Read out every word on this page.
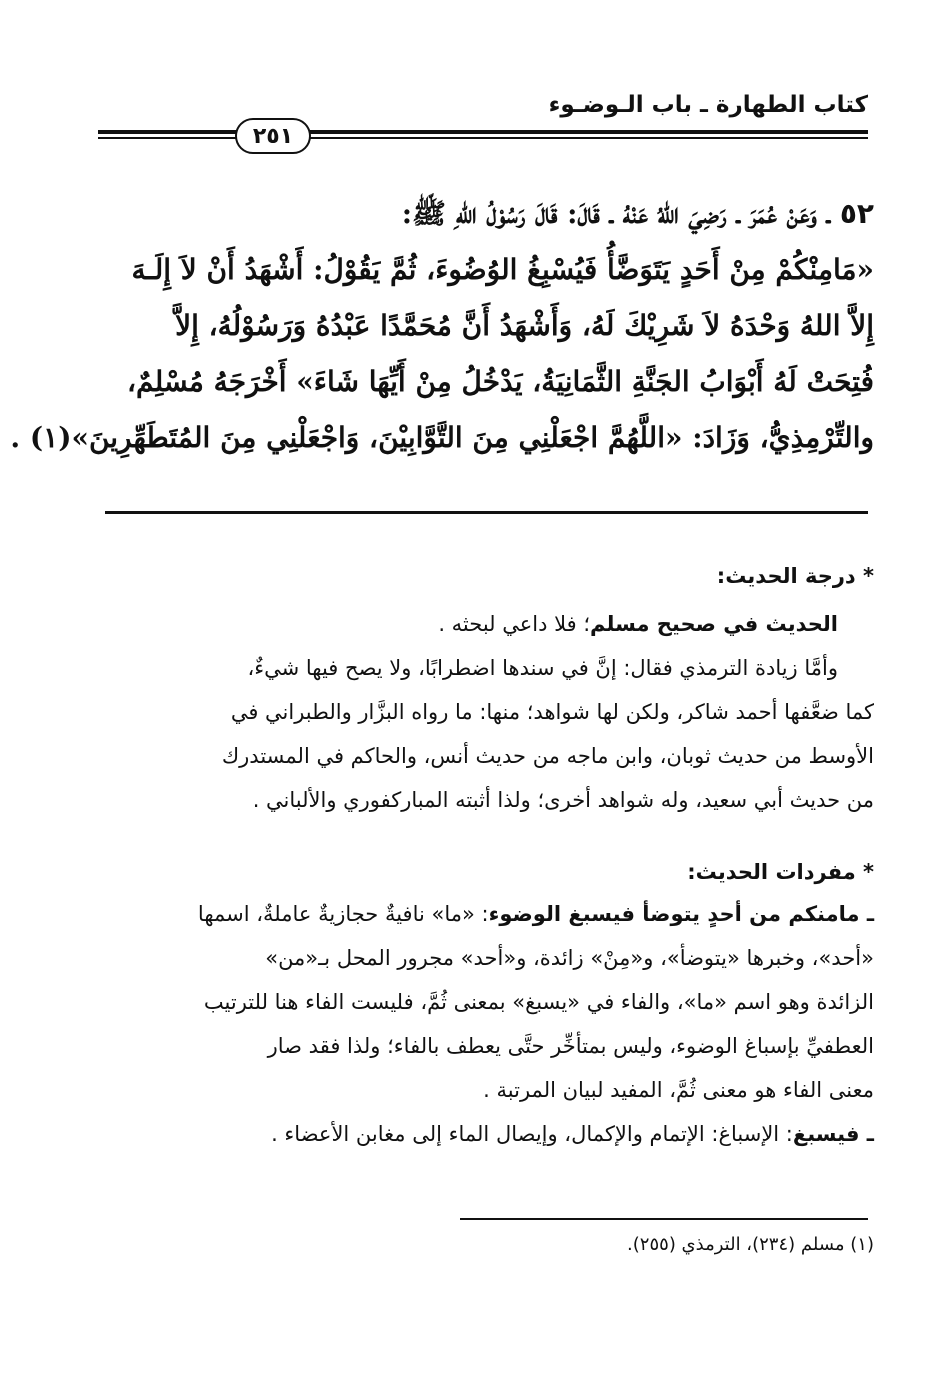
كتاب الطهارة ـ باب الـوضـوء
٢٥١
٥٢ ـ وَعَنْ عُمَرَ ـ رَضِيَ اللهُ عَنْهُ ـ قَالَ: قَالَ رَسُوْلُ اللهِ ﷺ:
«مَامِنْكُمْ مِنْ أَحَدٍ يَتَوَضَّأُ فَيُسْبِغُ الوُضُوءَ، ثُمَّ يَقُوْلُ: أَشْهَدُ أَنْ لاَ إِلَـهَ
إِلاَّ اللهُ وَحْدَهُ لاَ شَرِيْكَ لَهُ، وَأَشْهَدُ أَنَّ مُحَمَّدًا عَبْدُهُ وَرَسُوْلُهُ، إِلاَّ
فُتِحَتْ لَهُ أَبْوَابُ الجَنَّةِ الثَّمَانِيَةُ، يَدْخُلُ مِنْ أَيِّهَا شَاءَ» أَخْرَجَهُ مُسْلِمٌ،
والتِّرْمِذِيُّ، وَزَادَ: «اللَّهُمَّ اجْعَلْنِي مِنَ التَّوَّابِيْنَ، وَاجْعَلْنِي مِنَ المُتَطَهِّرِينَ»(١) .
* درجة الحديث:
الحديث في صحيح مسلم؛ فلا داعي لبحثه .
وأمَّا زيادة الترمذي فقال: إنَّ في سندها اضطرابًا، ولا يصح فيها شيءٌ،
كما ضعَّفها أحمد شاكر، ولكن لها شواهد؛ منها: ما رواه البزَّار والطبراني في
الأوسط من حديث ثوبان، وابن ماجه من حديث أنس، والحاكم في المستدرك
من حديث أبي سعيد، وله شواهد أخرى؛ ولذا أثبته المباركفوري والألباني .
* مفردات الحديث:
ـ مامنكم من أحدٍ يتوضأ فيسبغ الوضوء: «ما» نافيةٌ حجازيةٌ عاملةٌ، اسمها
«أحد»، وخبرها «يتوضأ»، و«مِنْ» زائدة، و«أحد» مجرور المحل بـ«من»
الزائدة وهو اسم «ما»، والفاء في «يسبغ» بمعنى ثُمَّ، فليست الفاء هنا للترتيب
العطفيِّ بإسباغ الوضوء، وليس بمتأخِّر حتَّى يعطف بالفاء؛ ولذا فقد صار
معنى الفاء هو معنى ثُمَّ، المفيد لبيان المرتبة .
ـ فيسبغ: الإسباغ: الإتمام والإكمال، وإيصال الماء إلى مغابن الأعضاء .
(١) مسلم (٢٣٤)، الترمذي (٢٥٥).
